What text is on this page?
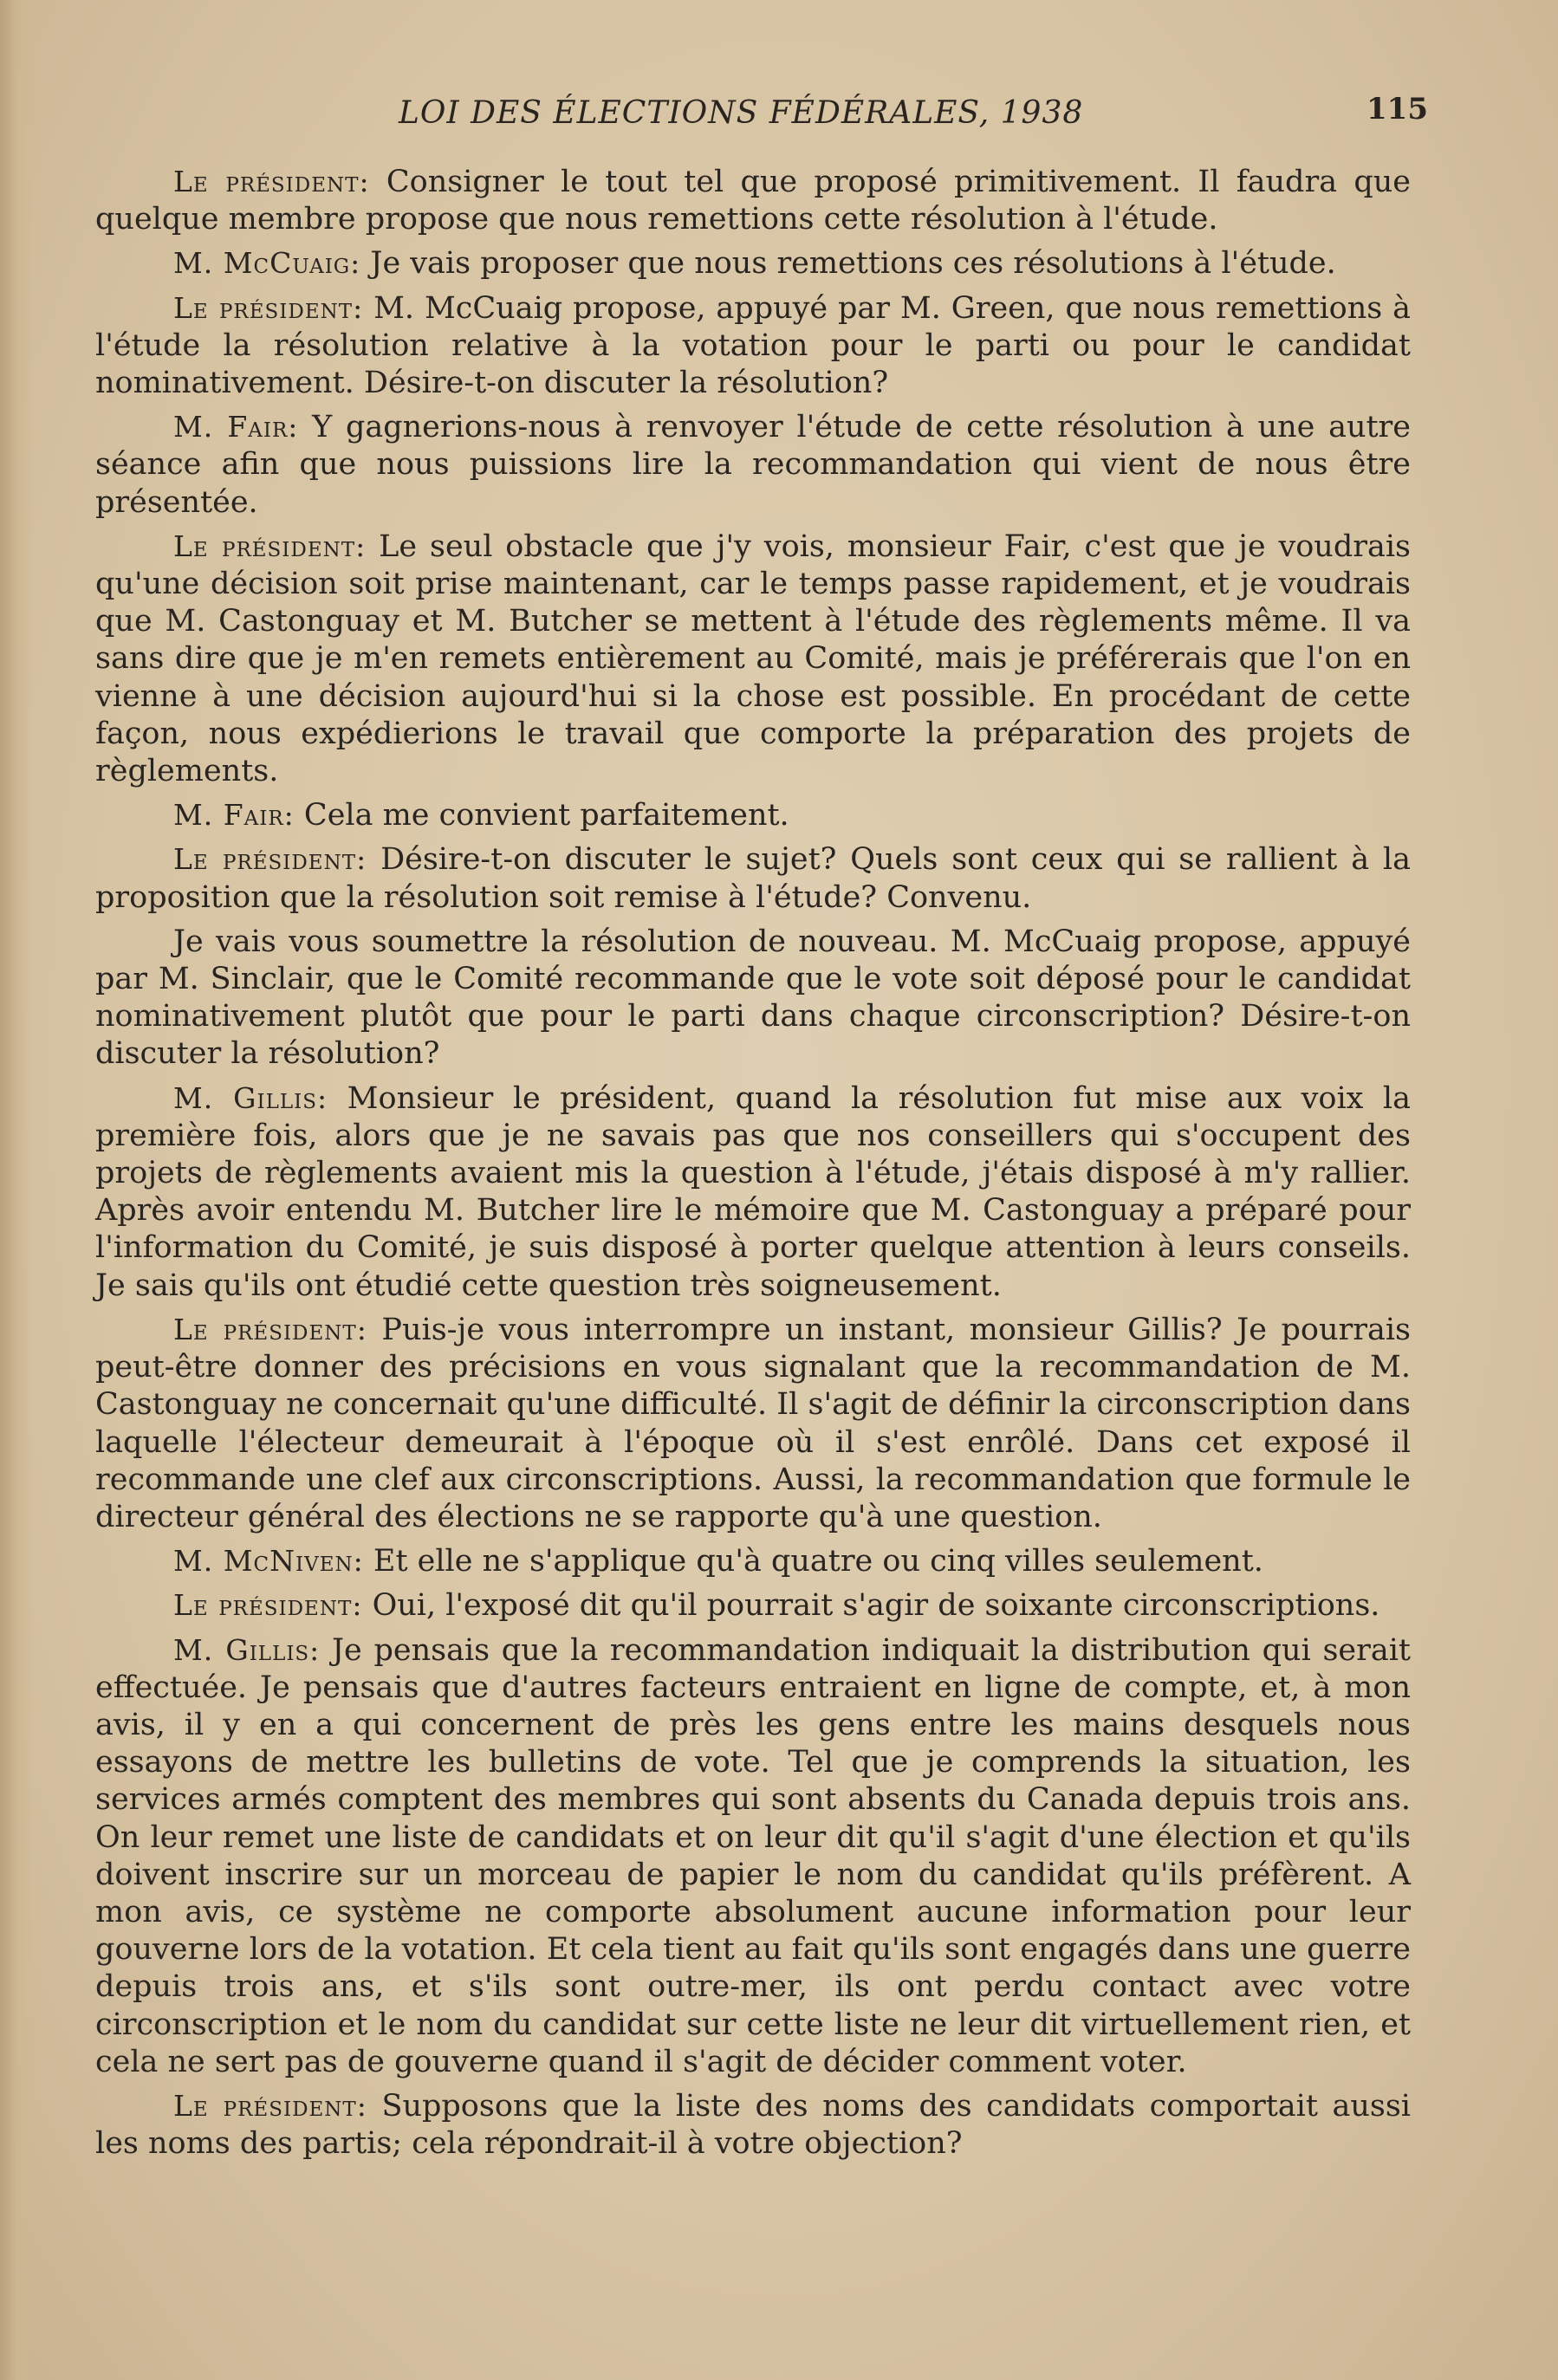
LOI DES ÉLECTIONS FÉDÉRALES, 1938	115

Le président: Consigner le tout tel que proposé primitivement. Il faudra que quelque membre propose que nous remettions cette résolution à l'étude.

M. McCuaig: Je vais proposer que nous remettions ces résolutions à l'étude.

Le président: M. McCuaig propose, appuyé par M. Green, que nous remettions à l'étude la résolution relative à la votation pour le parti ou pour le candidat nominativement. Désire-t-on discuter la résolution?

M. Fair: Y gagnerions-nous à renvoyer l'étude de cette résolution à une autre séance afin que nous puissions lire la recommandation qui vient de nous être présentée.

Le président: Le seul obstacle que j'y vois, monsieur Fair, c'est que je voudrais qu'une décision soit prise maintenant, car le temps passe rapidement, et je voudrais que M. Castonguay et M. Butcher se mettent à l'étude des règlements même. Il va sans dire que je m'en remets entièrement au Comité, mais je préférerais que l'on en vienne à une décision aujourd'hui si la chose est possible. En procédant de cette façon, nous expédierions le travail que comporte la préparation des projets de règlements.

M. Fair: Cela me convient parfaitement.

Le président: Désire-t-on discuter le sujet? Quels sont ceux qui se rallient à la proposition que la résolution soit remise à l'étude? Convenu.

Je vais vous soumettre la résolution de nouveau. M. McCuaig propose, appuyé par M. Sinclair, que le Comité recommande que le vote soit déposé pour le candidat nominativement plutôt que pour le parti dans chaque circonscription? Désire-t-on discuter la résolution?

M. Gillis: Monsieur le président, quand la résolution fut mise aux voix la première fois, alors que je ne savais pas que nos conseillers qui s'occupent des projets de règlements avaient mis la question à l'étude, j'étais disposé à m'y rallier. Après avoir entendu M. Butcher lire le mémoire que M. Castonguay a préparé pour l'information du Comité, je suis disposé à porter quelque attention à leurs conseils. Je sais qu'ils ont étudié cette question très soigneusement.

Le président: Puis-je vous interrompre un instant, monsieur Gillis? Je pourrais peut-être donner des précisions en vous signalant que la recommandation de M. Castonguay ne concernait qu'une difficulté. Il s'agit de définir la circonscription dans laquelle l'électeur demeurait à l'époque où il s'est enrôlé. Dans cet exposé il recommande une clef aux circonscriptions. Aussi, la recommandation que formule le directeur général des élections ne se rapporte qu'à une question.

M. McNiven: Et elle ne s'applique qu'à quatre ou cinq villes seulement.

Le président: Oui, l'exposé dit qu'il pourrait s'agir de soixante circonscriptions.

M. Gillis: Je pensais que la recommandation indiquait la distribution qui serait effectuée. Je pensais que d'autres facteurs entraient en ligne de compte, et, à mon avis, il y en a qui concernent de près les gens entre les mains desquels nous essayons de mettre les bulletins de vote. Tel que je comprends la situation, les services armés comptent des membres qui sont absents du Canada depuis trois ans. On leur remet une liste de candidats et on leur dit qu'il s'agit d'une élection et qu'ils doivent inscrire sur un morceau de papier le nom du candidat qu'ils préfèrent. A mon avis, ce système ne comporte absolument aucune information pour leur gouverne lors de la votation. Et cela tient au fait qu'ils sont engagés dans une guerre depuis trois ans, et s'ils sont outre-mer, ils ont perdu contact avec votre circonscription et le nom du candidat sur cette liste ne leur dit virtuellement rien, et cela ne sert pas de gouverne quand il s'agit de décider comment voter.

Le président: Supposons que la liste des noms des candidats comportait aussi les noms des partis; cela répondrait-il à votre objection?
